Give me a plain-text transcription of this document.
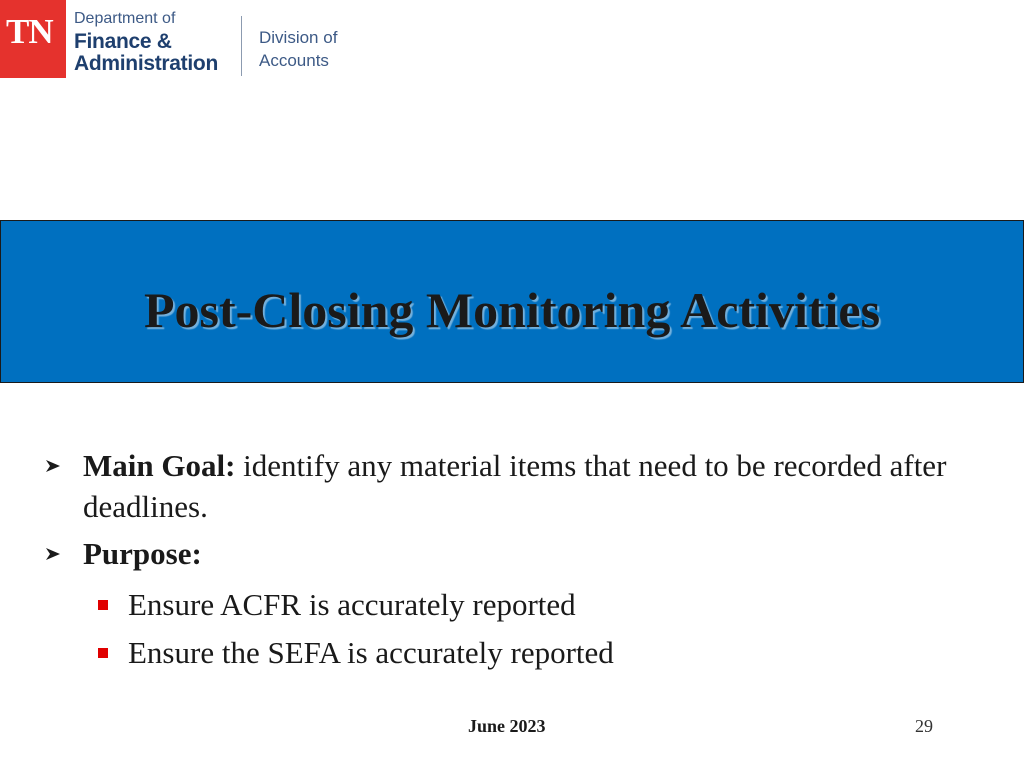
TN	Department of
Finance &
Administration
Division of
Accounts
Post-Closing Monitoring Activities
Main Goal: identify any material items that need to be recorded after deadlines.
Purpose:
Ensure ACFR is accurately reported
Ensure the SEFA is accurately reported
June 2023	29
